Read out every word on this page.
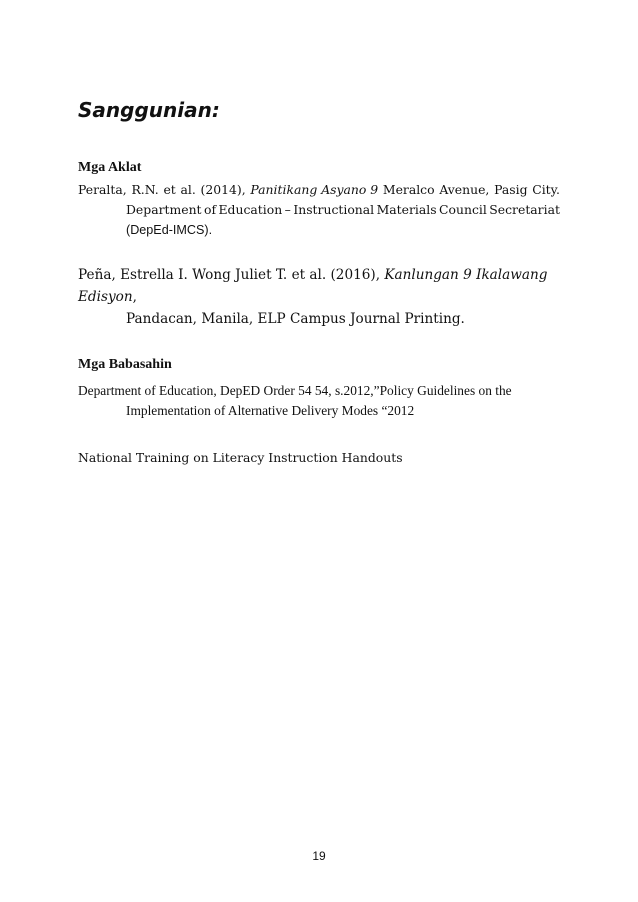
Sanggunian:
Mga Aklat
Peralta, R.N. et al. (2014), Panitikang Asyano 9 Meralco Avenue, Pasig City.
Department of Education – Instructional Materials Council Secretariat
(DepEd-IMCS).
Peña, Estrella I. Wong Juliet T. et al. (2016), Kanlungan 9 Ikalawang Edisyon,
Pandacan, Manila, ELP Campus Journal Printing.
Mga Babasahin
Department of Education, DepED Order 54 54, s.2012,”Policy Guidelines on the
Implementation of Alternative Delivery Modes “2012
National Training on Literacy Instruction Handouts
19
